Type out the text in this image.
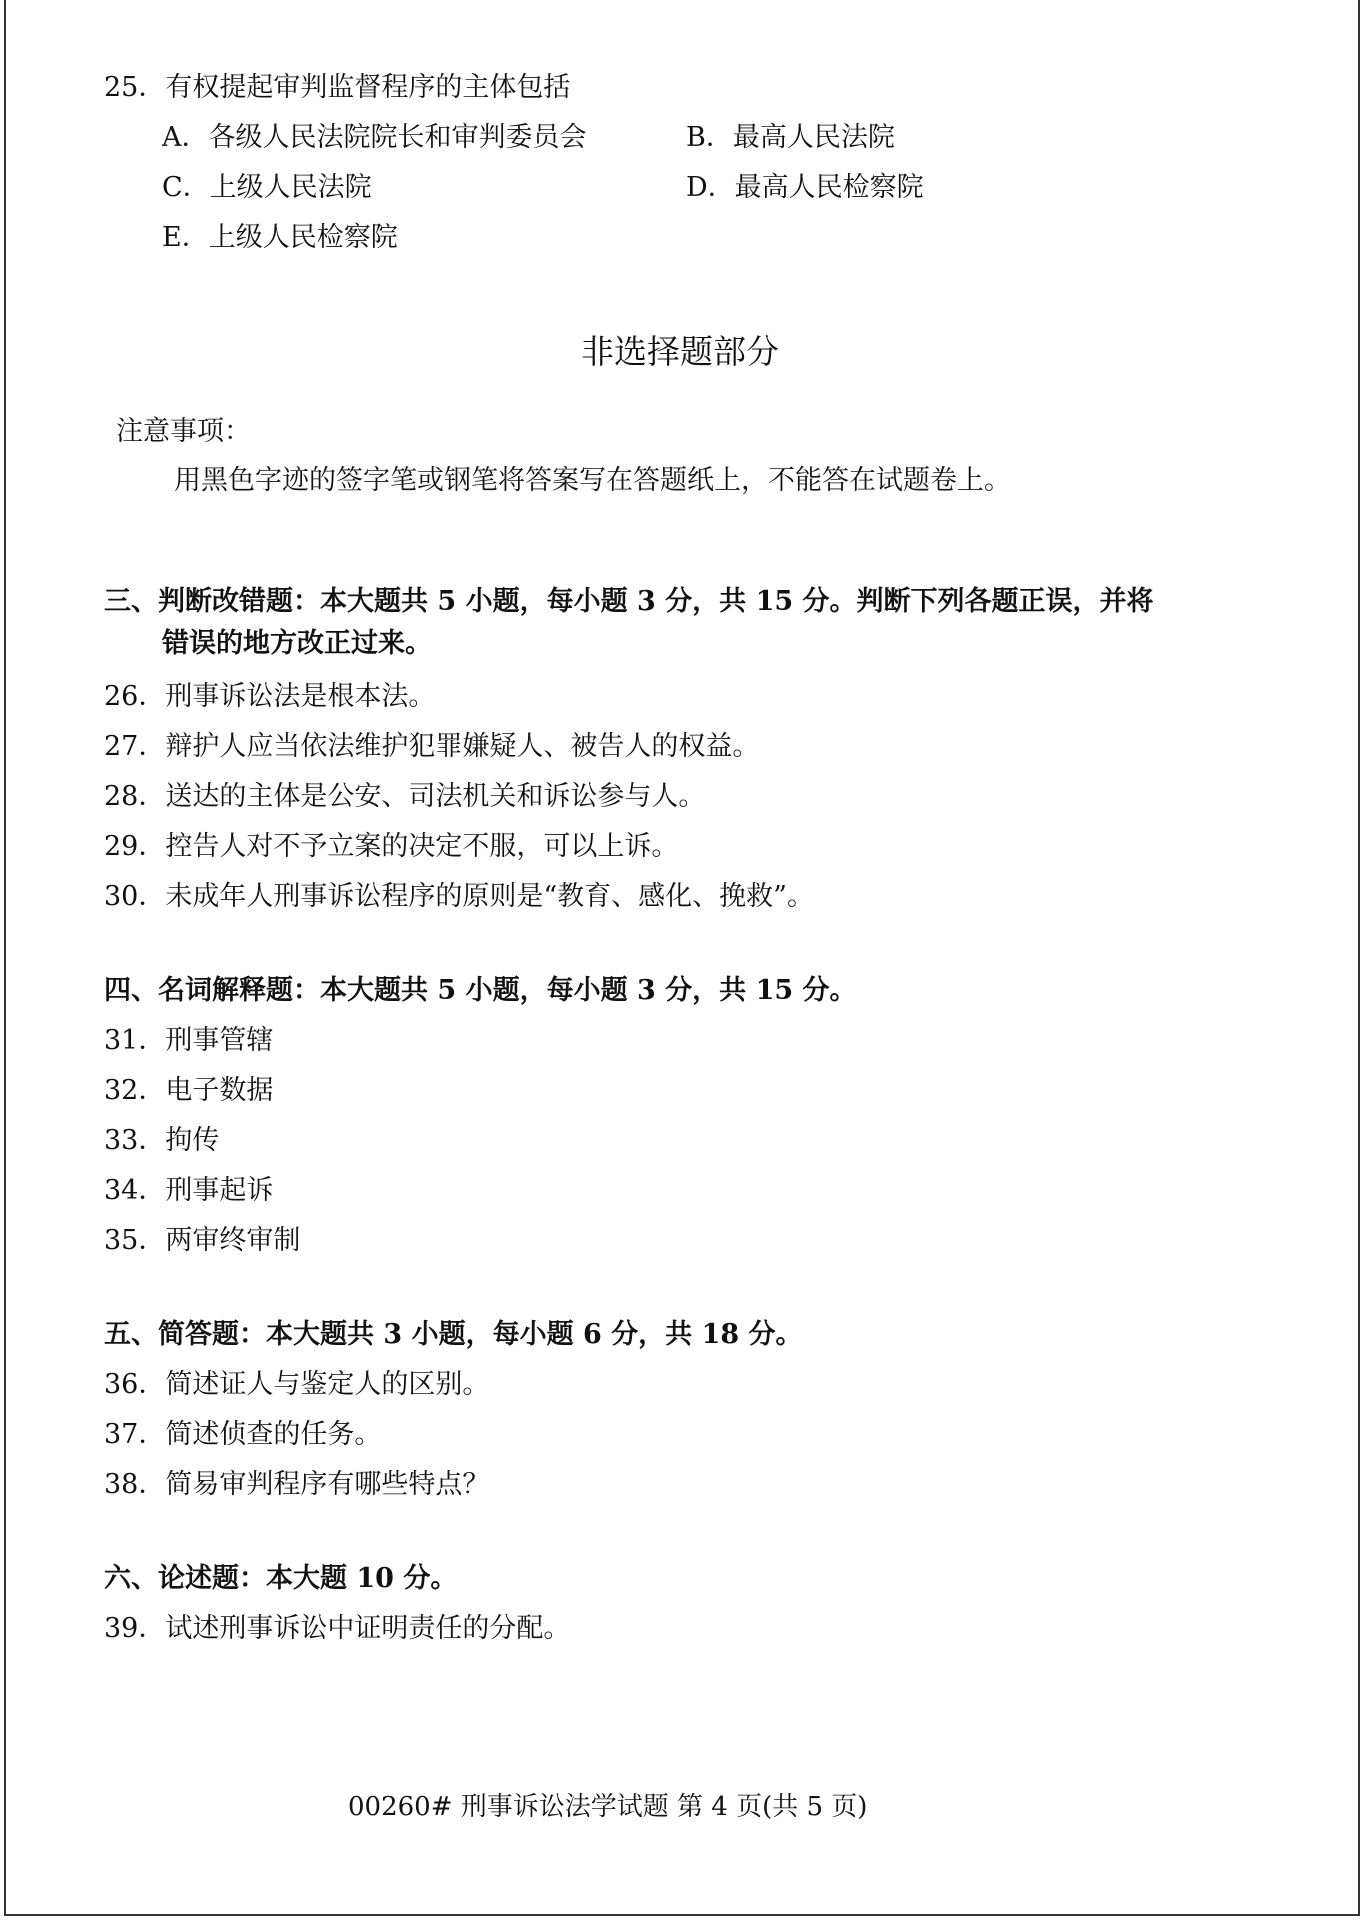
25．有权提起审判监督程序的主体包括
A．各级人民法院院长和审判委员会	B．最高人民法院
C．上级人民法院	D．最高人民检察院
E．上级人民检察院
非选择题部分
注意事项：
用黑色字迹的签字笔或钢笔将答案写在答题纸上，不能答在试题卷上。
三、判断改错题：本大题共 5 小题，每小题 3 分，共 15 分。判断下列各题正误，并将
错误的地方改正过来。
26．刑事诉讼法是根本法。
27．辩护人应当依法维护犯罪嫌疑人、被告人的权益。
28．送达的主体是公安、司法机关和诉讼参与人。
29．控告人对不予立案的决定不服，可以上诉。
30．未成年人刑事诉讼程序的原则是“教育、感化、挽救”。
四、名词解释题：本大题共 5 小题，每小题 3 分，共 15 分。
31．刑事管辖
32．电子数据
33．拘传
34．刑事起诉
35．两审终审制
五、简答题：本大题共 3 小题，每小题 6 分，共 18 分。
36．简述证人与鉴定人的区别。
37．简述侦查的任务。
38．简易审判程序有哪些特点？
六、论述题：本大题 10 分。
39．试述刑事诉讼中证明责任的分配。
00260# 刑事诉讼法学试题 第 4 页(共 5 页)
